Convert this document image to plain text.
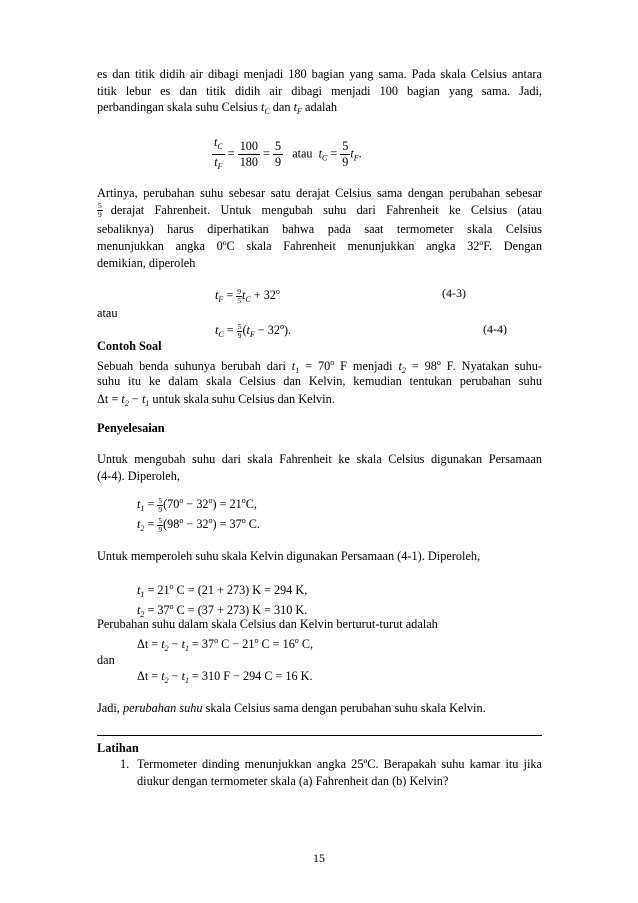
es dan titik didih air dibagi menjadi 180 bagian yang sama. Pada skala Celsius antara
titik lebur es dan titik didih air dibagi menjadi 100 bagian yang sama. Jadi,
perbandingan skala suhu Celsius $t_C$ dan $t_F$ adalah
$\frac{t_C}{t_F} = \frac{100}{180} = \frac{5}{9}$ atau $t_C = \frac{5}{9} t_F$.
Artinya, perubahan suhu sebesar satu derajat Celsius sama dengan perubahan sebesar
5
9 derajat Fahrenheit. Untuk mengubah suhu dari Fahrenheit ke Celsius (atau
sebaliknya) harus diperhatikan bahwa pada saat termometer skala Celsius
menunjukkan angka 0ºC skala Fahrenheit menunjukkan angka 32ºF. Dengan
demikian, diperoleh
$t_F = \frac{9}{5} t_C + 32^o$	(4-3)
atau
$t_C = \frac{5}{9} (t_F - 32^o)$.	(4-4)
Contoh Soal
Sebuah benda suhunya berubah dari $t_1 = 70^o$ F menjadi $t_2 = 98^o$ F. Nyatakan suhu-
suhu itu ke dalam skala Celsius dan Kelvin, kemudian tentukan perubahan suhu
$\Delta t = t_2 - t_1$ untuk skala suhu Celsius dan Kelvin.
Penyelesaian
Untuk mengubah suhu dari skala Fahrenheit ke skala Celsius digunakan Persamaan
(4-4). Diperoleh,
$t_1 = \frac{5}{9} (70^o - 32^o) = 21^oC$,
$t_2 = \frac{5}{9} (98^o - 32^o) = 37^o$ C.
Untuk memperoleh suhu skala Kelvin digunakan Persamaan (4-1). Diperoleh,
$t_1 = 21^o$ C = (21 + 273) K = 294 K,
$t_2 = 37^o$ C = (37 + 273) K = 310 K.
Perubahan suhu dalam skala Celsius dan Kelvin berturut-turut adalah
$\Delta t = t_2 - t_1 = 37^o$ $C - 21^o$ $C = 16^o$ C,
dan
$\Delta t = t_2 - t_1 = 310$ F − 294 C = 16 K.
Jadi, perubahan suhu skala Celsius sama dengan perubahan suhu skala Kelvin.
Latihan
1. Termometer dinding menunjukkan angka 25ºC. Berapakah suhu kamar itu jika
diukur dengan termometer skala (a) Fahrenheit dan (b) Kelvin?
15
